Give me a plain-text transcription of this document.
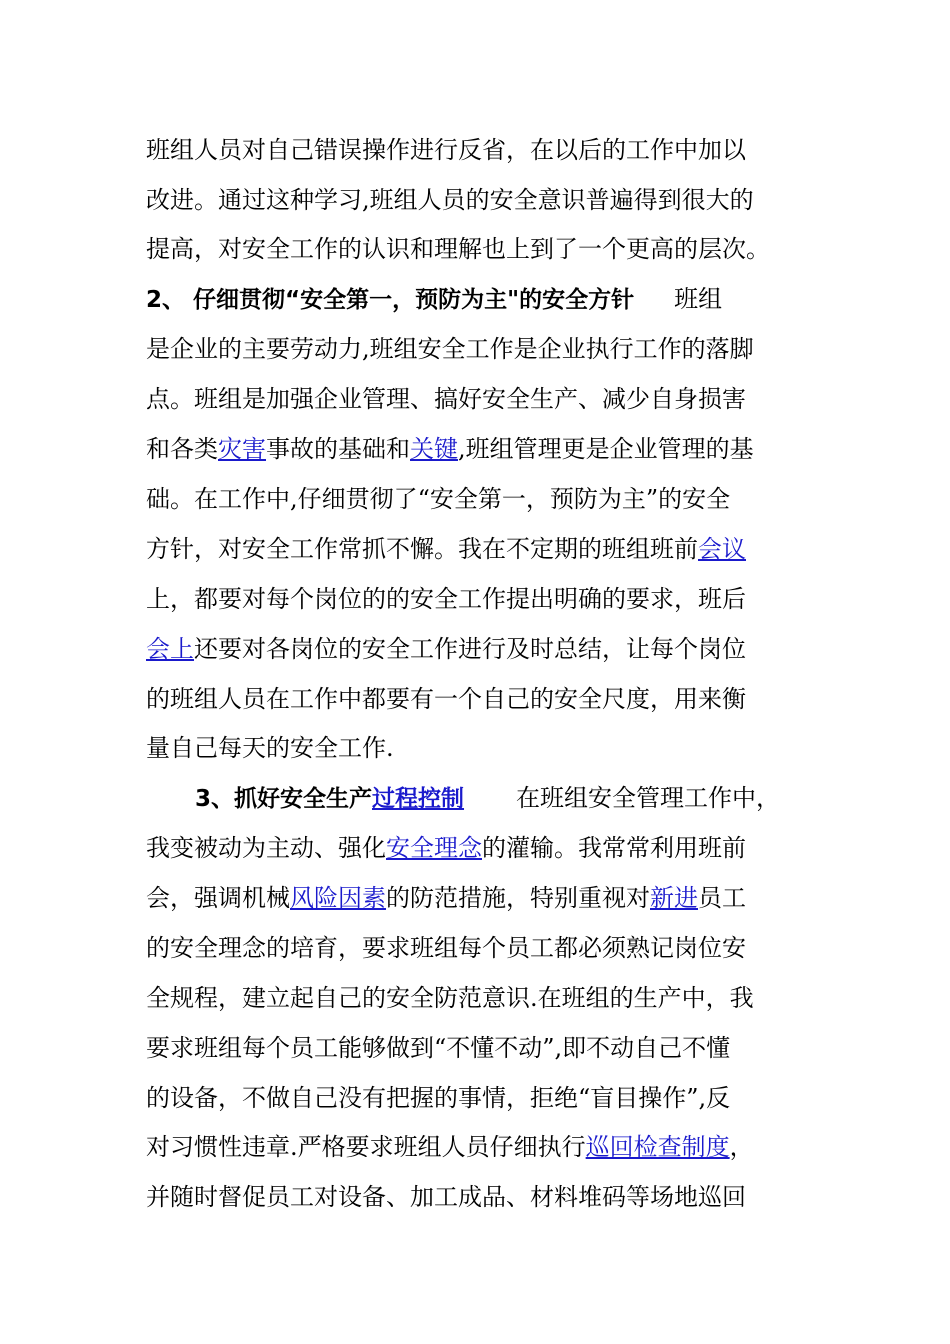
班组人员对自己错误操作进行反省，在以后的工作中加以
改进。通过这种学习,班组人员的安全意识普遍得到很大的
提高，对安全工作的认识和理解也上到了一个更高的层次。
2、 仔细贯彻“安全第一，预防为主"的安全方针 班组
是企业的主要劳动力,班组安全工作是企业执行工作的落脚
点。班组是加强企业管理、搞好安全生产、减少自身损害
和各类灾害事故的基础和关键,班组管理更是企业管理的基
础。在工作中,仔细贯彻了“安全第一，预防为主”的安全
方针，对安全工作常抓不懈。我在不定期的班组班前会议
上，都要对每个岗位的的安全工作提出明确的要求，班后
会上还要对各岗位的安全工作进行及时总结，让每个岗位
的班组人员在工作中都要有一个自己的安全尺度，用来衡
量自己每天的安全工作.
3、抓好安全生产过程控制 在班组安全管理工作中，
我变被动为主动、强化安全理念的灌输。我常常利用班前
会，强调机械风险因素的防范措施，特别重视对新进员工
的安全理念的培育，要求班组每个员工都必须熟记岗位安
全规程，建立起自己的安全防范意识.在班组的生产中，我
要求班组每个员工能够做到“不懂不动”,即不动自己不懂
的设备，不做自己没有把握的事情，拒绝“盲目操作”,反
对习惯性违章.严格要求班组人员仔细执行巡回检查制度，
并随时督促员工对设备、加工成品、材料堆码等场地巡回
